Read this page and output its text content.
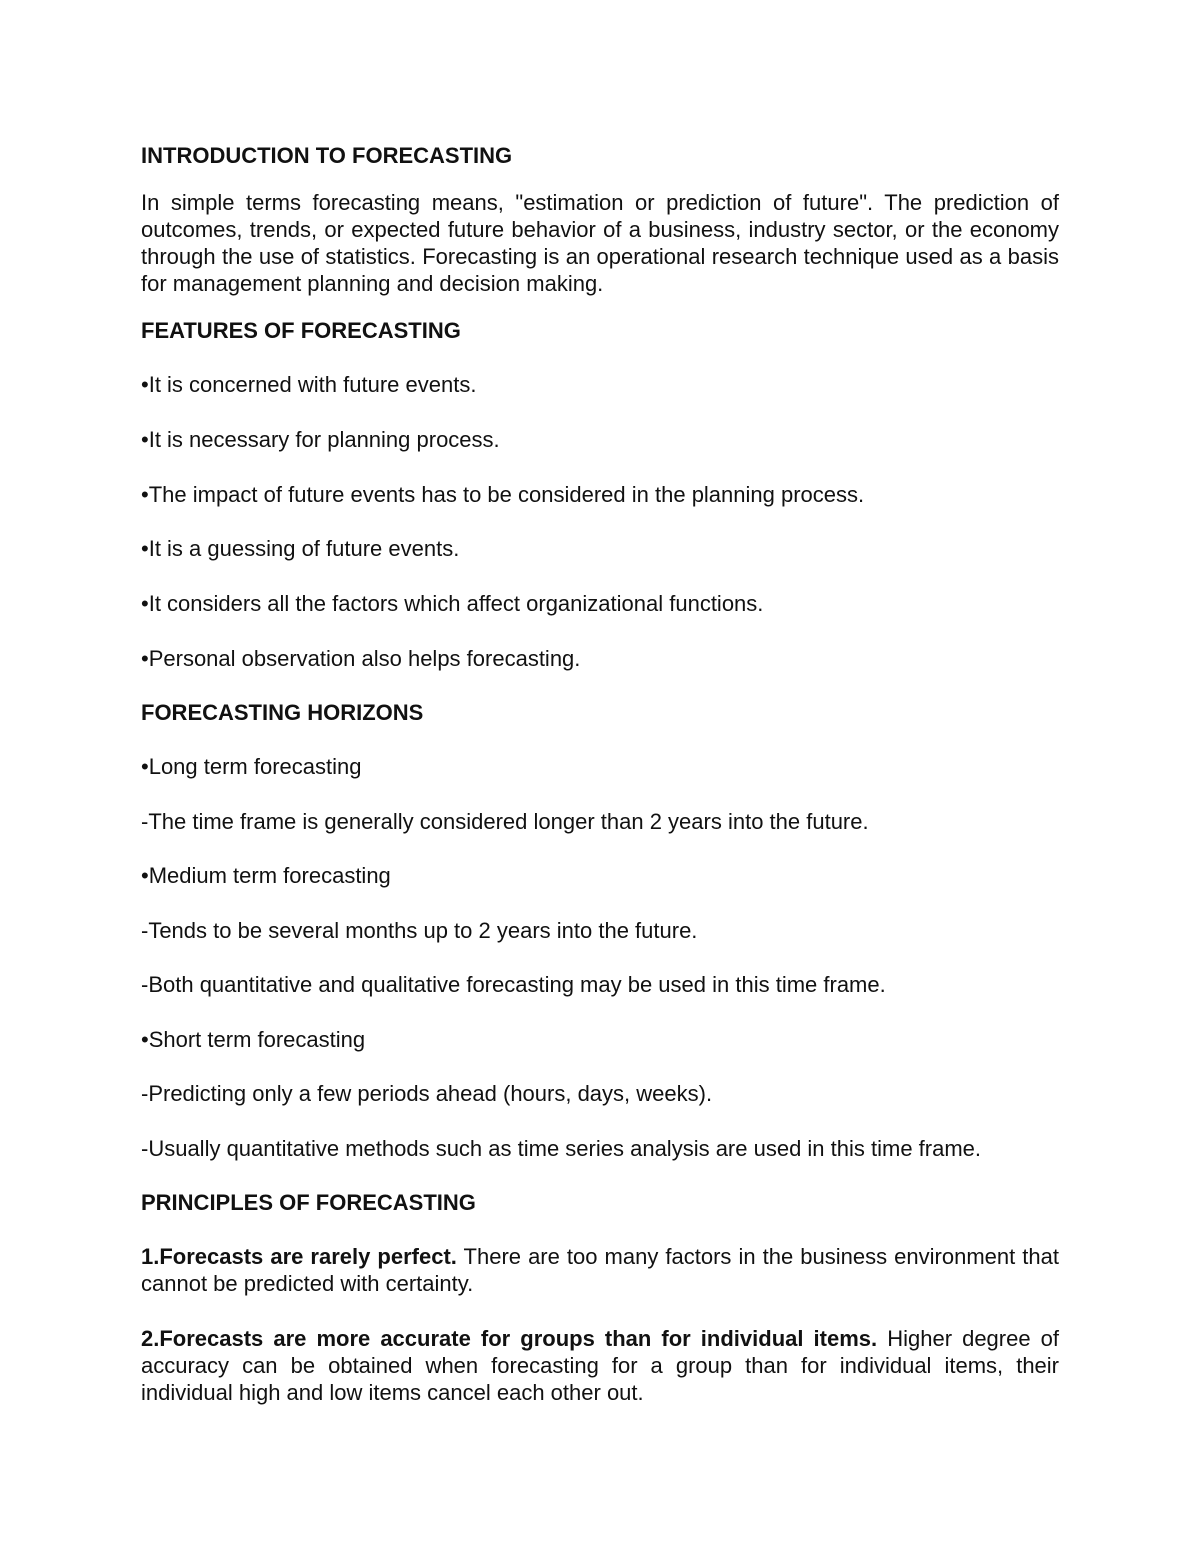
INTRODUCTION TO FORECASTING
In simple terms forecasting means, "estimation or prediction of future". The prediction of outcomes, trends, or expected future behavior of a business, industry sector, or the economy through the use of statistics. Forecasting is an operational research technique used as a basis for management planning and decision making.
FEATURES OF FORECASTING
•It is concerned with future events.
•It is necessary for planning process.
•The impact of future events has to be considered in the planning process.
•It is a guessing of future events.
•It considers all the factors which affect organizational functions.
•Personal observation also helps forecasting.
FORECASTING HORIZONS
•Long term forecasting
-The time frame is generally considered longer than 2 years into the future.
•Medium term forecasting
-Tends to be several months up to 2 years into the future.
-Both quantitative and qualitative forecasting may be used in this time frame.
•Short term forecasting
-Predicting only a few periods ahead (hours, days, weeks).
-Usually quantitative methods such as time series analysis are used in this time frame.
PRINCIPLES OF FORECASTING
1.Forecasts are rarely perfect. There are too many factors in the business environment that cannot be predicted with certainty.
2.Forecasts are more accurate for groups than for individual items. Higher degree of accuracy can be obtained when forecasting for a group than for individual items, their individual high and low items cancel each other out.
